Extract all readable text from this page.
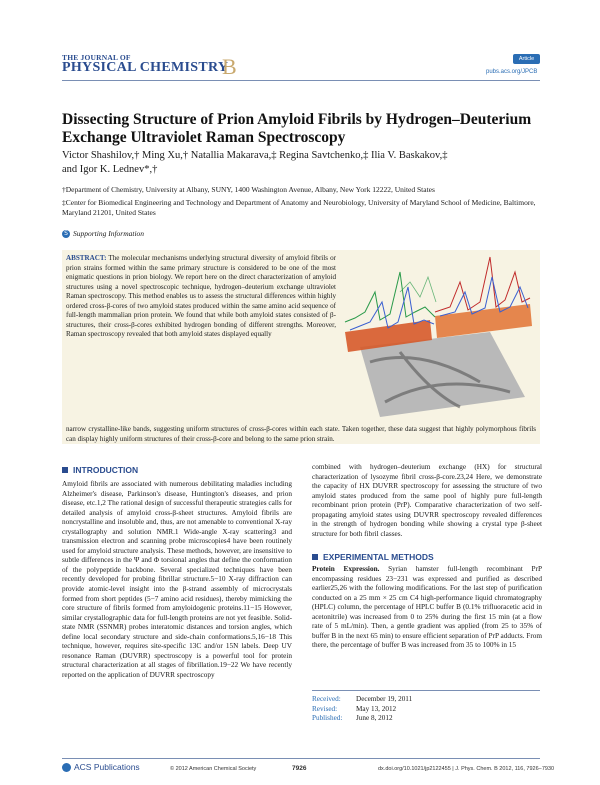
THE JOURNAL OF
PHYSICAL CHEMISTRY
B	Article
pubs.acs.org/JPCB
Dissecting Structure of Prion Amyloid Fibrils by Hydrogen–Deuterium Exchange Ultraviolet Raman Spectroscopy
Victor Shashilov,† Ming Xu,† Natallia Makarava,‡ Regina Savtchenko,‡ Ilia V. Baskakov,‡
and Igor K. Lednev*,†
†Department of Chemistry, University at Albany, SUNY, 1400 Washington Avenue, Albany, New York 12222, United States
‡Center for Biomedical Engineering and Technology and Department of Anatomy and Neurobiology, University of Maryland School of Medicine, Baltimore, Maryland 21201, United States
S Supporting Information
ABSTRACT: The molecular mechanisms underlying structural diversity of amyloid fibrils or prion strains formed within the same primary structure is considered to be one of the most enigmatic questions in prion biology. We report here on the direct characterization of amyloid structures using a novel spectroscopic technique, hydrogen–deuterium exchange ultraviolet Raman spectroscopy. This method enables us to assess the structural differences within highly ordered cross-β-cores of two amyloid states produced within the same amino acid sequence of full-length mammalian prion protein. We found that while both amyloid states consisted of β-structures, their cross-β-cores exhibited hydrogen bonding of different strengths. Moreover, Raman spectroscopy revealed that both amyloid states displayed equally
narrow crystalline-like bands, suggesting uniform structures of cross-β-cores within each state. Taken together, these data suggest that highly polymorphous fibrils can display highly uniform structures of their cross-β-core and belong to the same prion strain.
INTRODUCTION
Amyloid fibrils are associated with numerous debilitating maladies including Alzheimer's disease, Parkinson's disease, Huntington's diseases, and prion disease, etc.1,2 The rational design of successful therapeutic strategies calls for detailed analysis of amyloid cross-β-sheet structures. Amyloid fibrils are noncrystalline and insoluble and, thus, are not amenable to conventional X-ray crystallography and solution NMR.1 Wide-angle X-ray scattering3 and transmission electron and scanning probe microscopies4 have been routinely used for amyloid structure analysis. These methods, however, are insensitive to subtle differences in the Ψ and Φ torsional angles that define the conformation of the polypeptide backbone. Several specialized techniques have been recently developed for probing fibrillar structure.5−10 X-ray diffraction can provide atomic-level insight into the β-strand assembly of microcrystals formed from short peptides (5−7 amino acid residues), thereby mimicking the core structure of fibrils formed from amyloidogenic proteins.11−15 However, similar crystallographic data for full-length proteins are not yet feasible. Solid-state NMR (SSNMR) probes interatomic distances and torsion angles, which define local secondary structure and side-chain conformations.5,16−18 This technique, however, requires site-specific 13C and/or 15N labels. Deep UV resonance Raman (DUVRR) spectroscopy is a powerful tool for protein structural characterization at all stages of fibrillation.19−22 We have recently reported on the application of DUVRR spectroscopy
combined with hydrogen–deuterium exchange (HX) for structural characterization of lysozyme fibril cross-β-core.23,24 Here, we demonstrate the capacity of HX DUVRR spectroscopy for assessing the structure of two amyloid states produced from the same pool of highly pure full-length recombinant prion protein (PrP). Comparative characterization of two self-propagating amyloid states using DUVRR spectroscopy revealed differences in the strength of hydrogen bonding while showing a crystal type β-sheet structure for both fibril classes.
EXPERIMENTAL METHODS
Protein Expression. Syrian hamster full-length recombinant PrP encompassing residues 23−231 was expressed and purified as described earlier25,26 with the following modifications. For the last step of purification conducted on a 25 mm × 25 cm C4 high-performance liquid chromatography (HPLC) column, the percentage of HPLC buffer B (0.1% trifluoracetic acid in acetonitrile) was increased from 0 to 25% during the first 15 min (at a flow rate of 5 mL/min). Then, a gentle gradient was applied (from 25 to 35% of buffer B in the next 65 min) to ensure efficient separation of PrP adducts. From there, the percentage of buffer B was increased from 35 to 100% in 15
Received: December 19, 2011
Revised:	May 13, 2012
Published: June 8, 2012
ACS Publications	© 2012 American Chemical Society	7926	dx.doi.org/10.1021/jp2122455 | J. Phys. Chem. B 2012, 116, 7926−7930
